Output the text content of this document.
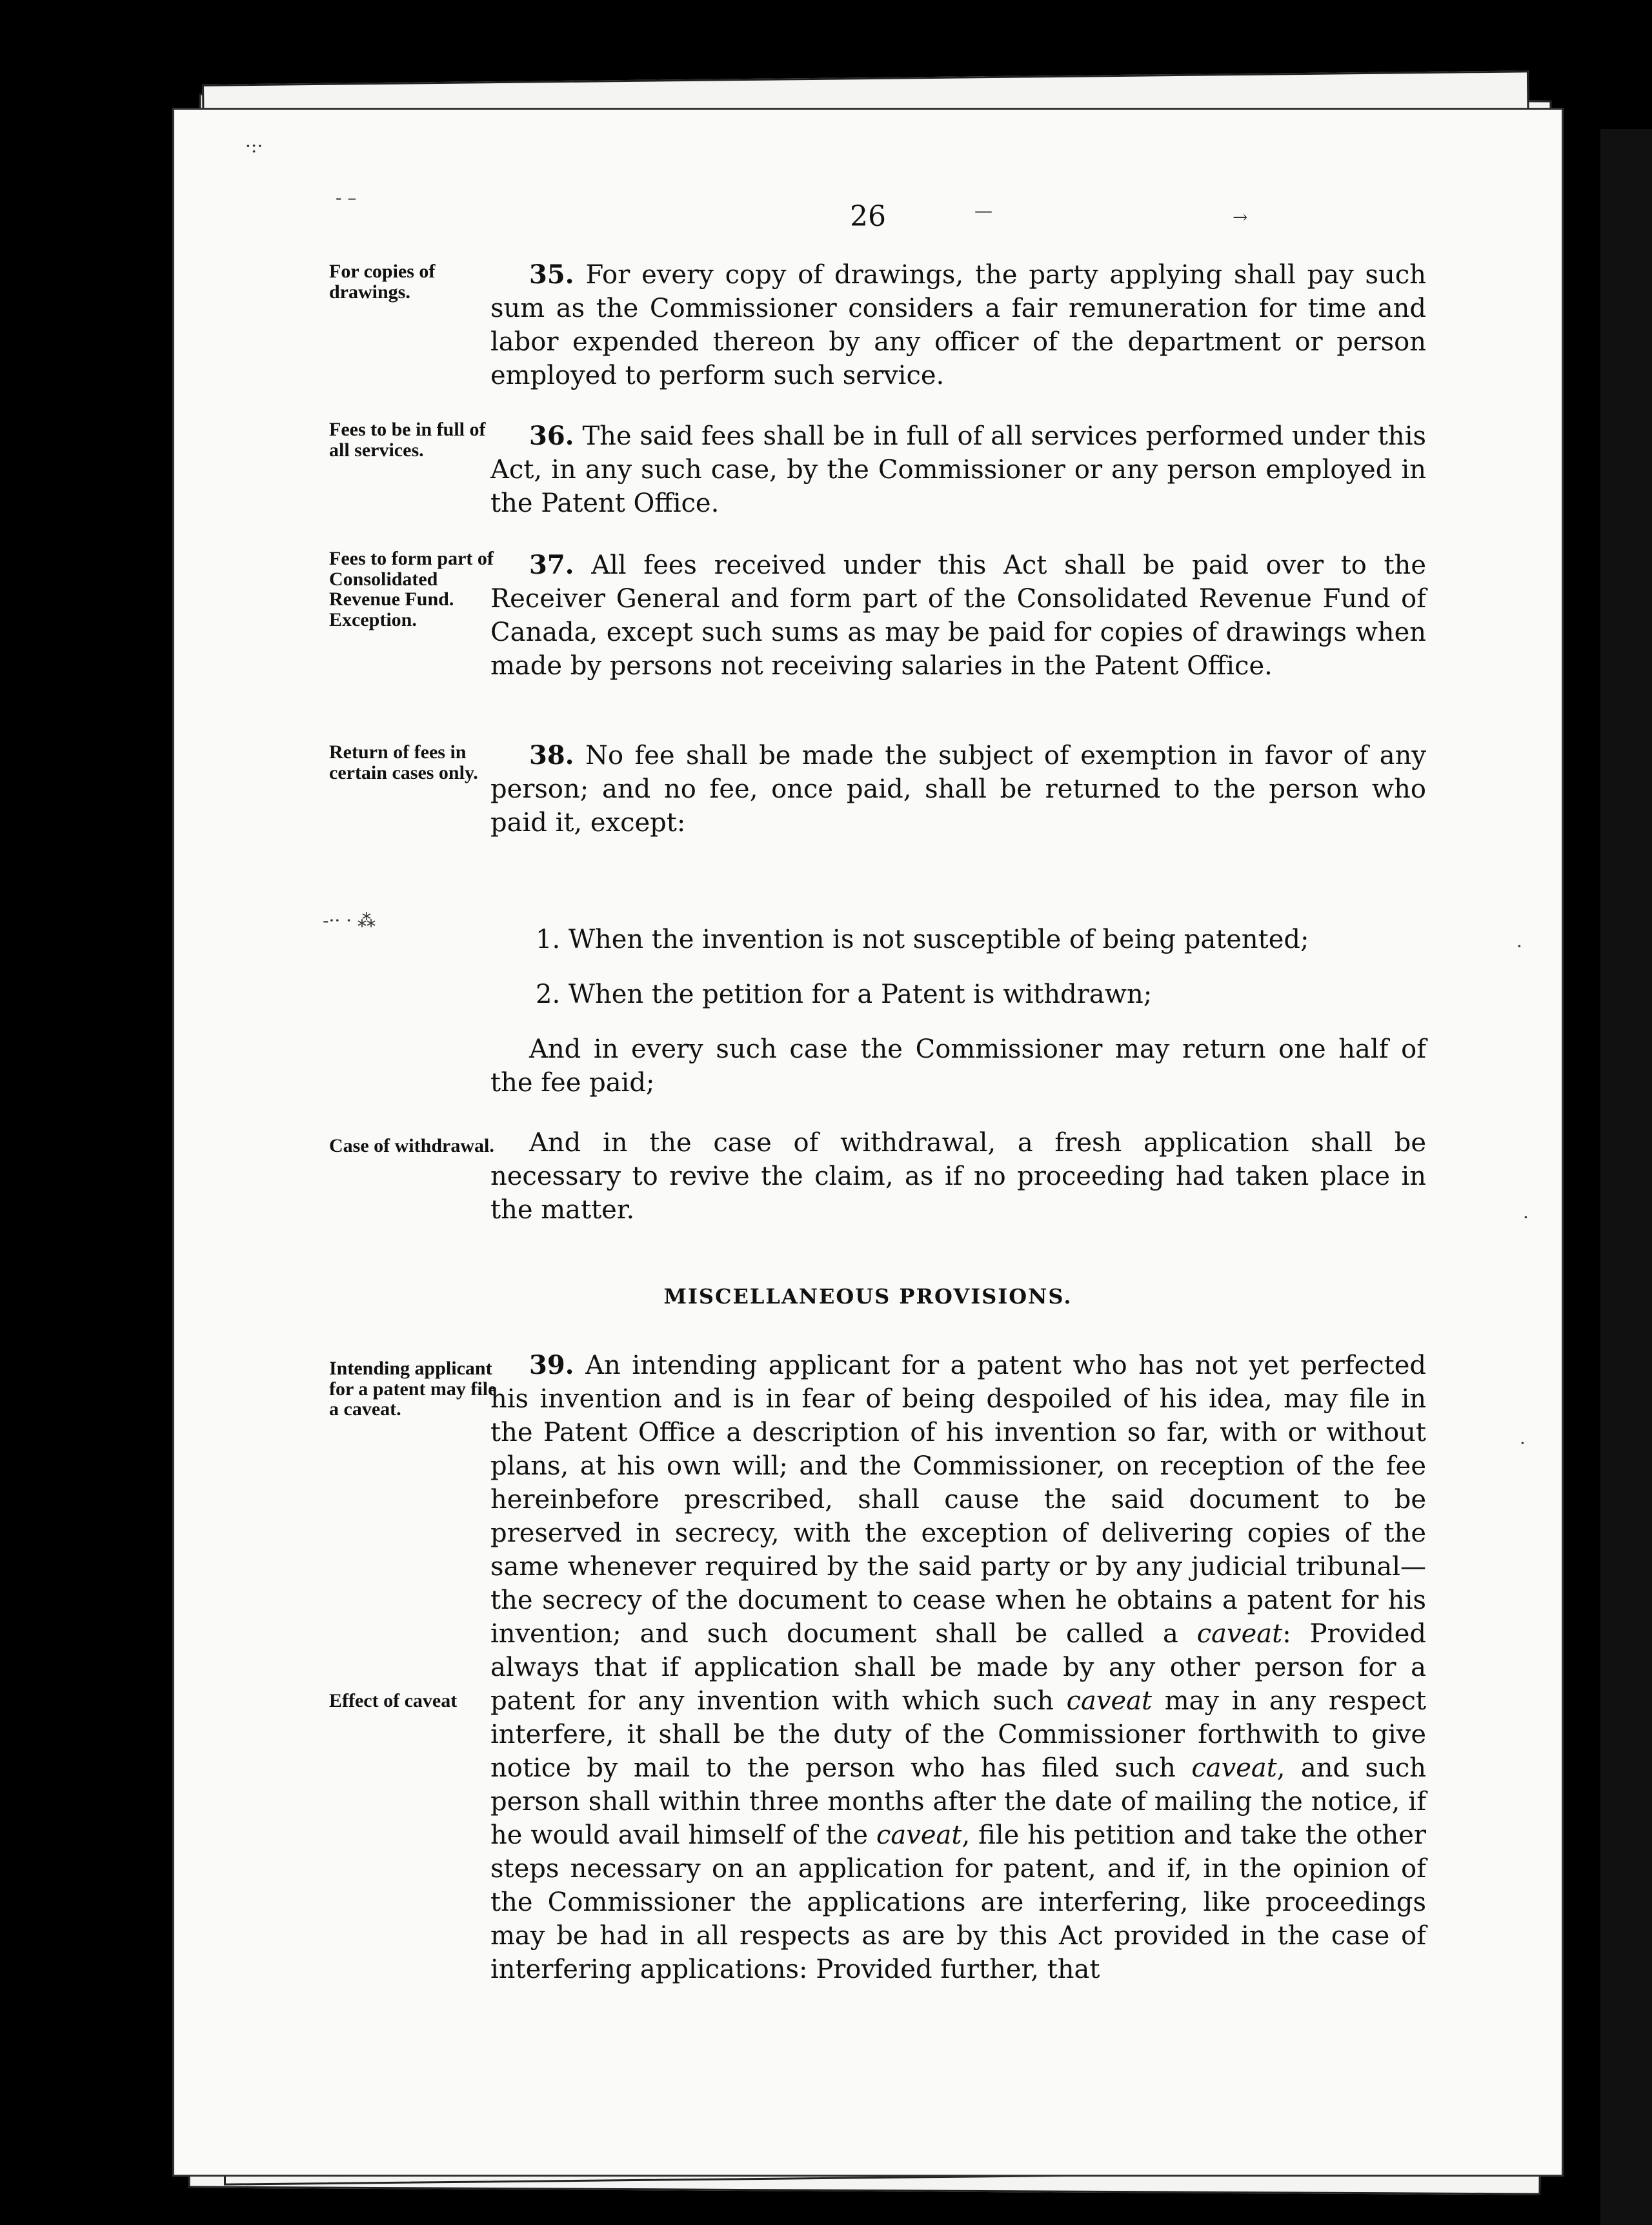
·:·
‐ –
—	→
26
For copies of drawings.
35. For every copy of drawings, the party applying shall pay such sum as the Commissioner considers a fair remuneration for time and labor expended thereon by any officer of the department or person employed to perform such service.
Fees to be in full of all services.	36. The said fees shall be in full of all services performed under this Act, in any such case, by the Commissioner or any person employed in the Patent Office.
Fees to form part of Consolidated Revenue Fund. Exception.
37. All fees received under this Act shall be paid over to the Receiver General and form part of the Consolidated Revenue Fund of Canada, except such sums as may be paid for copies of drawings when made by persons not receiving salaries in the Patent Office.
Return of fees in certain cases only.
38. No fee shall be made the subject of exemption in favor of any person; and no fee, once paid, shall be returned to the person who paid it, except:
‐·· · ⁂
1. When the invention is not susceptible of being patented;
2. When the petition for a Patent is withdrawn;
And in every such case the Commissioner may return one half of the fee paid;
Case of withdrawal.	And in the case of withdrawal, a fresh application shall be necessary to revive the claim, as if no proceeding had taken place in the matter.
MISCELLANEOUS PROVISIONS.
Intending applicant for a patent may file a caveat.
Effect of caveat
39. An intending applicant for a patent who has not yet perfected his invention and is in fear of being despoiled of his idea, may file in the Patent Office a description of his invention so far, with or without plans, at his own will; and the Commissioner, on reception of the fee hereinbefore prescribed, shall cause the said document to be preserved in secrecy, with the exception of delivering copies of the same whenever required by the said party or by any judicial tribunal—the secrecy of the document to cease when he obtains a patent for his invention; and such document shall be called a caveat: Provided always that if application shall be made by any other person for a patent for any invention with which such caveat may in any respect interfere, it shall be the duty of the Commissioner forthwith to give notice by mail to the person who has filed such caveat, and such person shall within three months after the date of mailing the notice, if he would avail himself of the caveat, file his petition and take the other steps necessary on an application for patent, and if, in the opinion of the Commissioner the applications are interfering, like proceedings may be had in all respects as are by this Act provided in the case of interfering applications: Provided further, that
·
·
·
